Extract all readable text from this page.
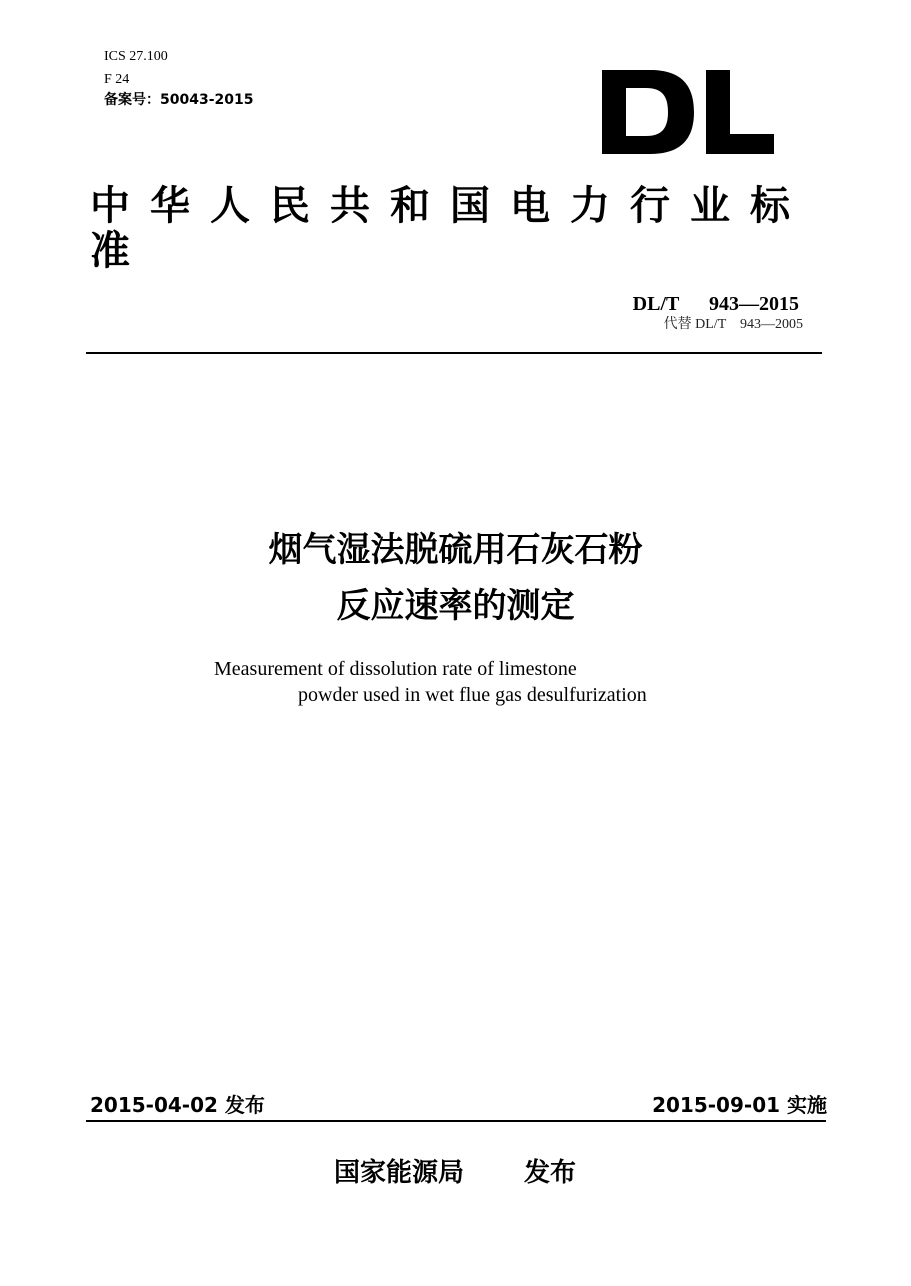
ICS 27.100
F 24
备案号：50043-2015
中华人民共和国电力行业标
准
DL/T      943—2015
代替 DL/T    943—2005
烟气湿法脱硫用石灰石粉
反应速率的测定
Measurement of dissolution rate of limestone
powder used in wet flue gas desulfurization
2015-04-02 发布	2015-09-01 实施
国家能源局 发布
